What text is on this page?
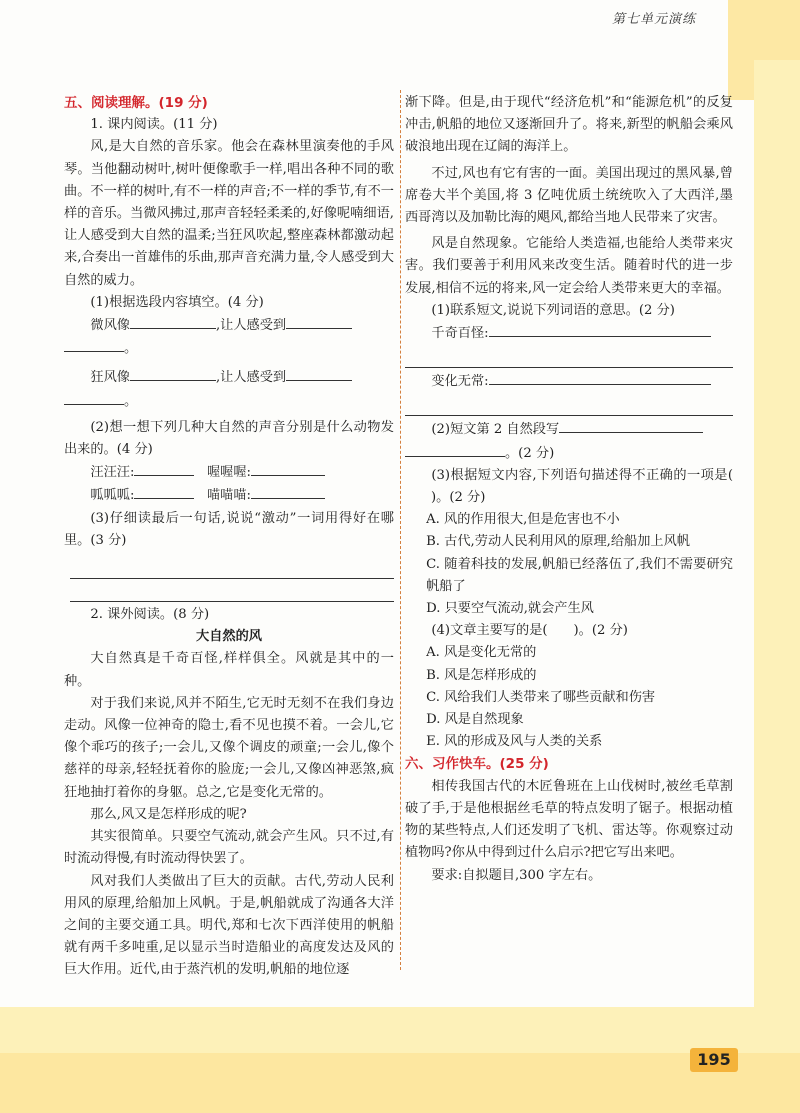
第七单元演练

五、阅读理解。(19 分)

1. 课内阅读。(11 分)

风,是大自然的音乐家。他会在森林里演奏他的手风琴。当他翻动树叶,树叶便像歌手一样,唱出各种不同的歌曲。不一样的树叶,有不一样的声音;不一样的季节,有不一样的音乐。当微风拂过,那声音轻轻柔柔的,好像呢喃细语,让人感受到大自然的温柔;当狂风吹起,整座森林都激动起来,合奏出一首雄伟的乐曲,那声音充满力量,令人感受到大自然的威力。

(1)根据选段内容填空。(4 分)

微风像	,让人感受到

。

狂风像	,让人感受到

。

(2)想一想下列几种大自然的声音分别是什么动物发出来的。(4 分)

汪汪汪:	喔喔喔:

呱呱呱:	喵喵喵:

(3)仔细读最后一句话,说说“激动”一词用得好在哪里。(3 分)

2. 课外阅读。(8 分)

大自然的风

大自然真是千奇百怪,样样俱全。风就是其中的一种。

对于我们来说,风并不陌生,它无时无刻不在我们身边走动。风像一位神奇的隐士,看不见也摸不着。一会儿,它像个乖巧的孩子;一会儿,又像个调皮的顽童;一会儿,像个慈祥的母亲,轻轻抚着你的脸庞;一会儿,又像凶神恶煞,疯狂地抽打着你的身躯。总之,它是变化无常的。

那么,风又是怎样形成的呢?

其实很简单。只要空气流动,就会产生风。只不过,有时流动得慢,有时流动得快罢了。

风对我们人类做出了巨大的贡献。古代,劳动人民利用风的原理,给船加上风帆。于是,帆船就成了沟通各大洋之间的主要交通工具。明代,郑和七次下西洋使用的帆船就有两千多吨重,足以显示当时造船业的高度发达及风的巨大作用。近代,由于蒸汽机的发明,帆船的地位逐

渐下降。但是,由于现代“经济危机”和“能源危机”的反复冲击,帆船的地位又逐渐回升了。将来,新型的帆船会乘风破浪地出现在辽阔的海洋上。

不过,风也有它有害的一面。美国出现过的黑风暴,曾席卷大半个美国,将 3 亿吨优质土统统吹入了大西洋,墨西哥湾以及加勒比海的飓风,都给当地人民带来了灾害。

风是自然现象。它能给人类造福,也能给人类带来灾害。我们要善于利用风来改变生活。随着时代的进一步发展,相信不远的将来,风一定会给人类带来更大的幸福。

(1)联系短文,说说下列词语的意思。(2 分)

千奇百怪:

变化无常:

(2)短文第 2 自然段写

。(2 分)

(3)根据短文内容,下列语句描述得不正确的一项是()。(2 分)

A. 风的作用很大,但是危害也不小

B. 古代,劳动人民利用风的原理,给船加上风帆

C. 随着科技的发展,帆船已经落伍了,我们不需要研究帆船了

D. 只要空气流动,就会产生风

(4)文章主要写的是( )。(2 分)

A. 风是变化无常的

B. 风是怎样形成的

C. 风给我们人类带来了哪些贡献和伤害

D. 风是自然现象

E. 风的形成及风与人类的关系

六、习作快车。(25 分)

相传我国古代的木匠鲁班在上山伐树时,被丝毛草割破了手,于是他根据丝毛草的特点发明了锯子。根据动植物的某些特点,人们还发明了飞机、雷达等。你观察过动植物吗?你从中得到过什么启示?把它写出来吧。

要求:自拟题目,300 字左右。

195
